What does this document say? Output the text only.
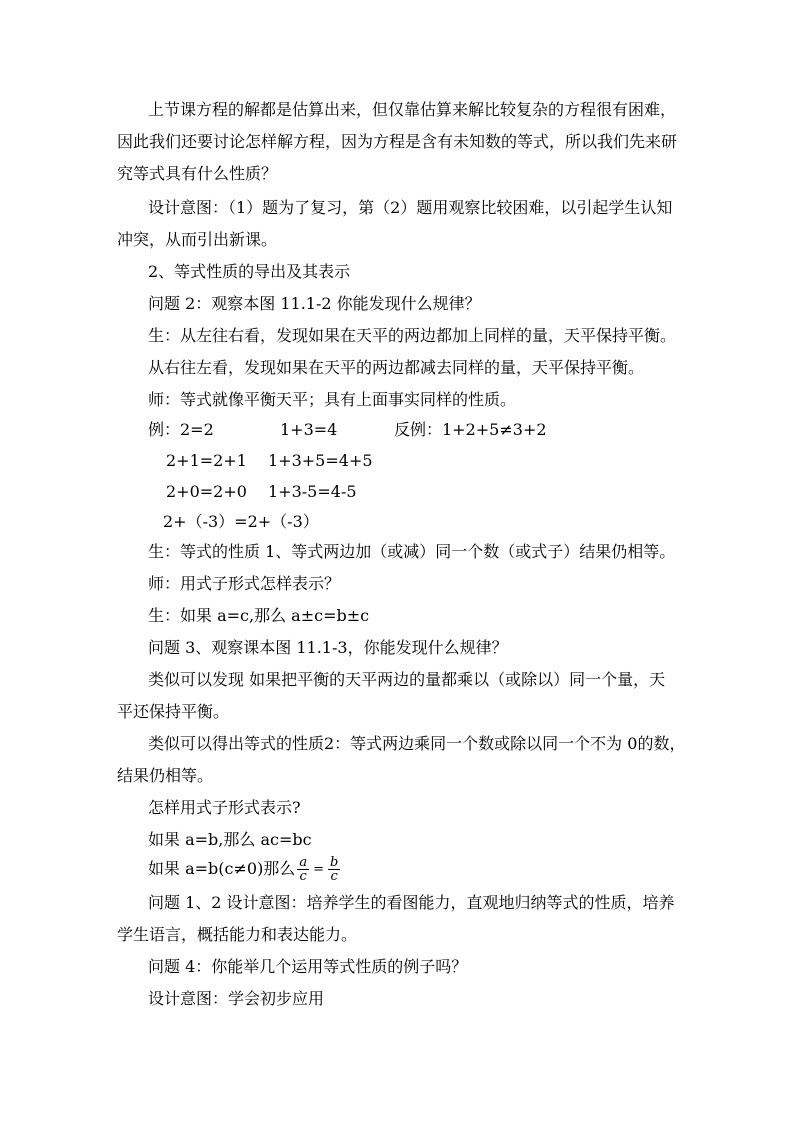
上节课方程的解都是估算出来，但仅靠估算来解比较复杂的方程很有困难，
因此我们还要讨论怎样解方程，因为方程是含有未知数的等式，所以我们先来研
究等式具有什么性质？
设计意图：（1）题为了复习，第（2）题用观察比较困难，以引起学生认知
冲突，从而引出新课。
2、等式性质的导出及其表示
问题 2：观察本图 11.1-2 你能发现什么规律？
生：从左往右看，发现如果在天平的两边都加上同样的量，天平保持平衡。
从右往左看，发现如果在天平的两边都减去同样的量，天平保持平衡。
师：等式就像平衡天平；具有上面事实同样的性质。
例：2=2	1+3=4	反例：1+2+5≠3+2
2+1=2+1 1+3+5=4+5
2+0=2+0 1+3-5=4-5
2+（-3）=2+（-3）
生：等式的性质 1、等式两边加（或减）同一个数（或式子）结果仍相等。
师：用式子形式怎样表示？
生：如果 a=c,那么 a±c=b±c
问题 3、观察课本图 11.1-3，你能发现什么规律？
类似可以发现 如果把平衡的天平两边的量都乘以（或除以）同一个量，天
平还保持平衡。
类似可以得出等式的性质2：等式两边乘同一个数或除以同一个不为 0的数，
结果仍相等。
怎样用式子形式表示?
如果 a=b,那么 ac=bc
如果 a=b(c≠0)那么 $\frac{a}{c} = \frac{b}{c}$
问题 1、2 设计意图：培养学生的看图能力，直观地归纳等式的性质，培养
学生语言，概括能力和表达能力。
问题 4：你能举几个运用等式性质的例子吗？
设计意图：学会初步应用
